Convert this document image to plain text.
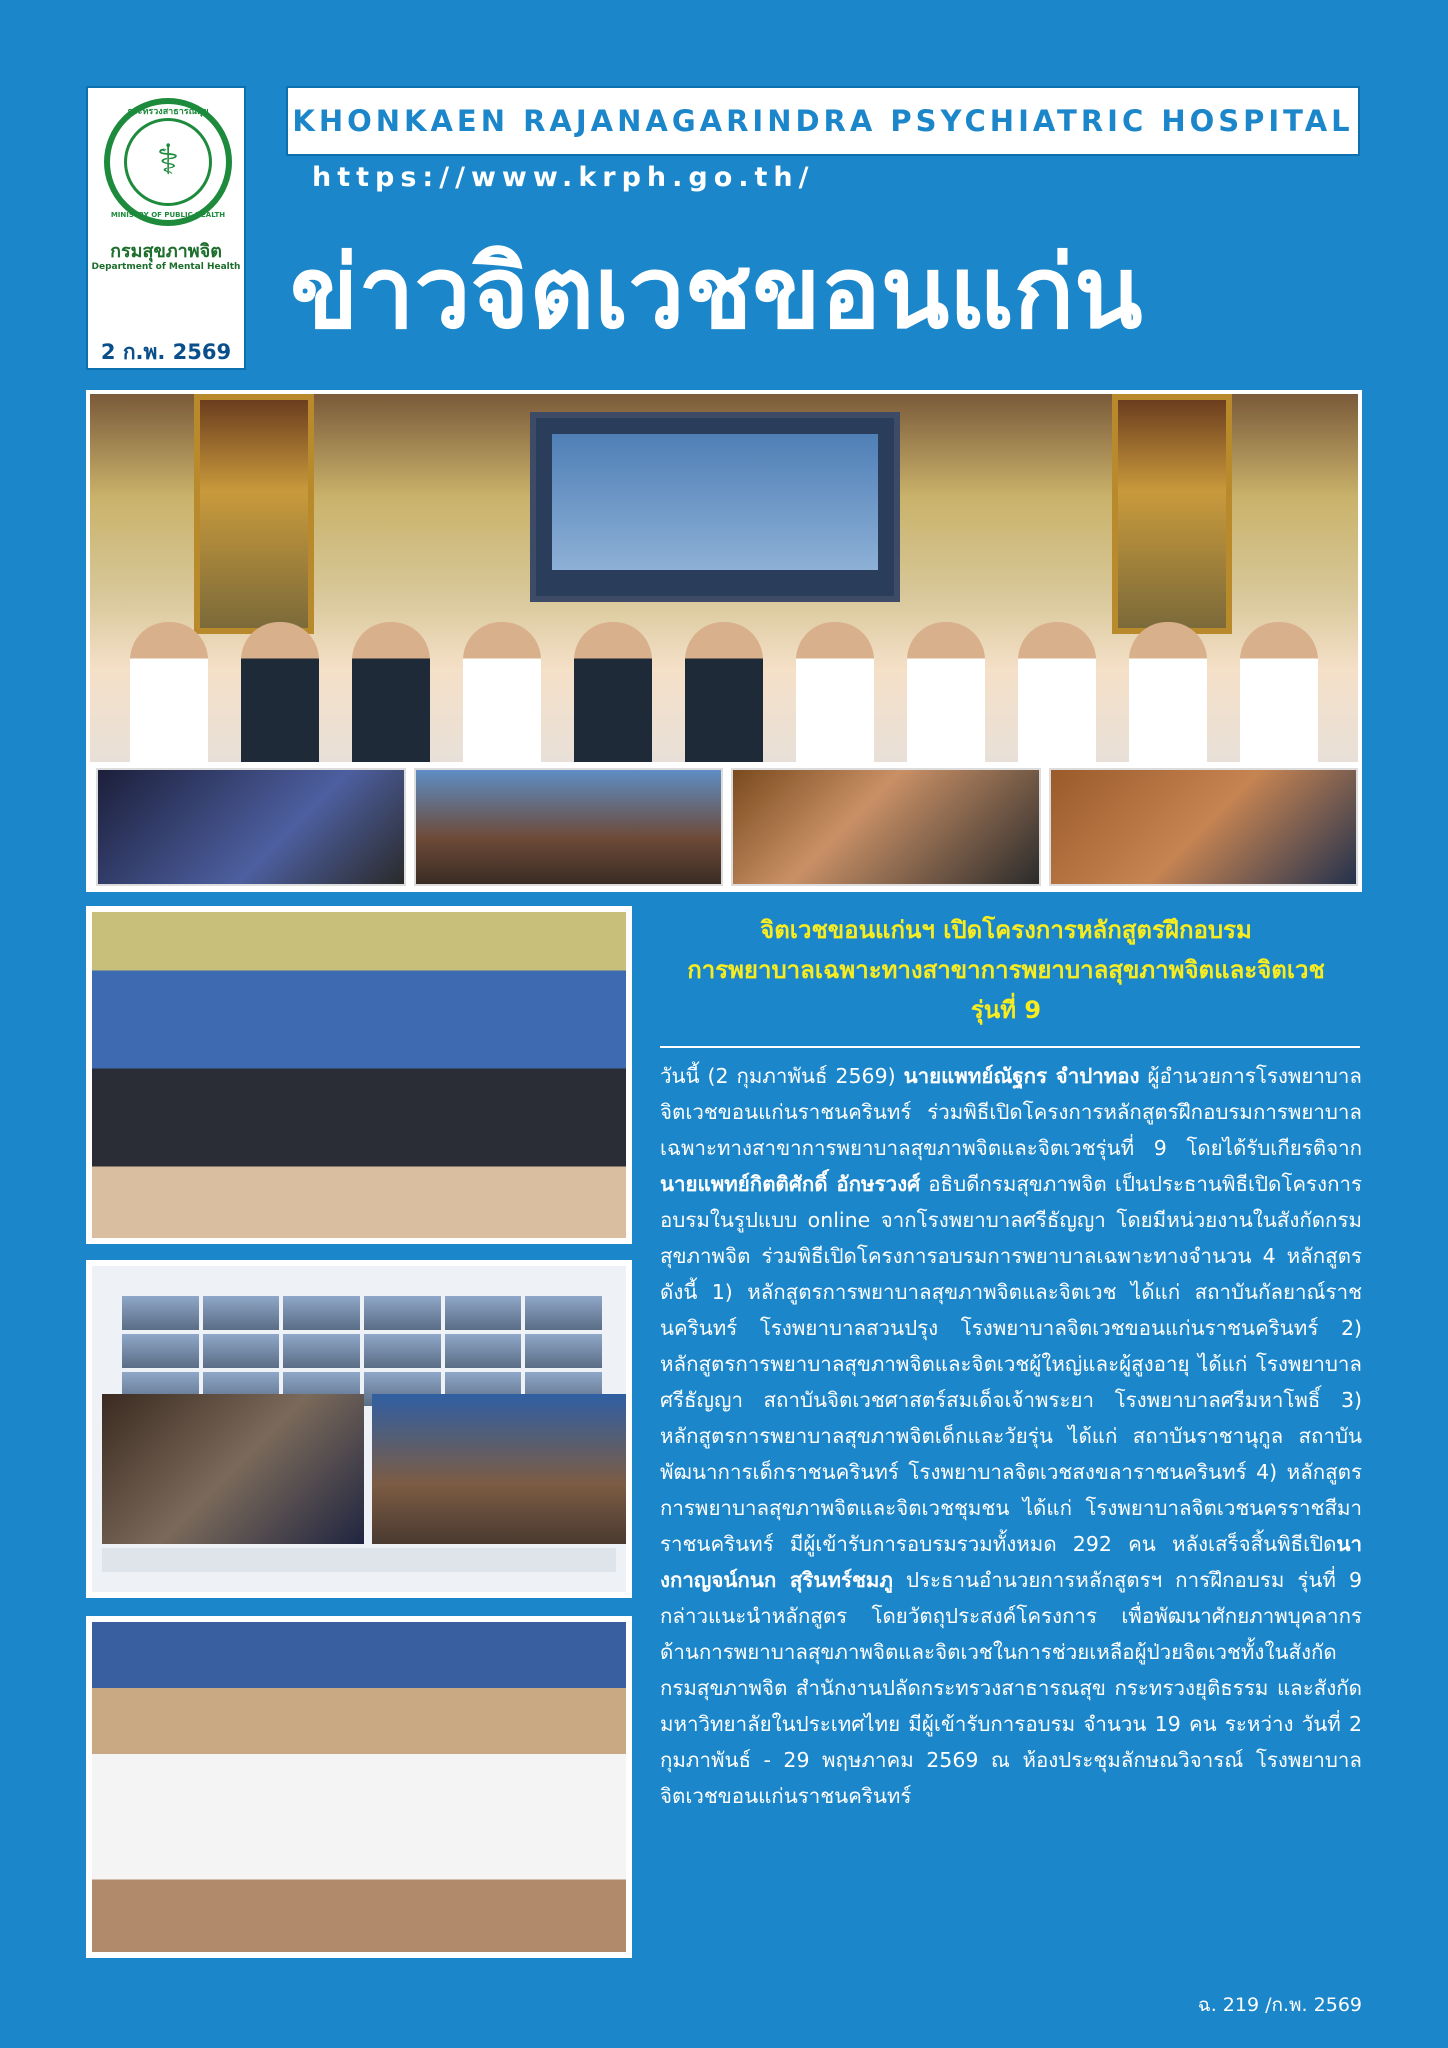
กระทรวงสาธารณสุข
⚕
MINISTRY OF PUBLIC HEALTH
กรมสุขภาพจิต
Department of Mental Health
2 ก.พ. 2569
KHONKAEN RAJANAGARINDRA PSYCHIATRIC HOSPITAL
https://www.krph.go.th/
ข่าวจิตเวชขอนแก่น
จิตเวชขอนแก่นฯ เปิดโครงการหลักสูตรฝึกอบรม
การพยาบาลเฉพาะทางสาขาการพยาบาลสุขภาพจิตและจิตเวช
รุ่นที่ 9
วันนี้ (2 กุมภาพันธ์ 2569) นายแพทย์ณัฐกร จำปาทอง ผู้อำนวยการโรงพยาบาลจิตเวชขอนแก่นราชนครินทร์ ร่วมพิธีเปิดโครงการหลักสูตรฝึกอบรมการพยาบาลเฉพาะทางสาขาการพยาบาลสุขภาพจิตและจิตเวชรุ่นที่ 9 โดยได้รับเกียรติจาก นายแพทย์กิตติศักดิ์ อักษรวงศ์ อธิบดีกรมสุขภาพจิต เป็นประธานพิธีเปิดโครงการอบรมในรูปแบบ online จากโรงพยาบาลศรีธัญญา โดยมีหน่วยงานในสังกัดกรมสุขภาพจิต ร่วมพิธีเปิดโครงการอบรมการพยาบาลเฉพาะทางจำนวน 4 หลักสูตร ดังนี้ 1) หลักสูตรการพยาบาลสุขภาพจิตและจิตเวช ได้แก่ สถาบันกัลยาณ์ราชนครินทร์ โรงพยาบาลสวนปรุง โรงพยาบาลจิตเวชขอนแก่นราชนครินทร์ 2) หลักสูตรการพยาบาลสุขภาพจิตและจิตเวชผู้ใหญ่และผู้สูงอายุ ได้แก่ โรงพยาบาลศรีธัญญา สถาบันจิตเวชศาสตร์สมเด็จเจ้าพระยา โรงพยาบาลศรีมหาโพธิ์ 3) หลักสูตรการพยาบาลสุขภาพจิตเด็กและวัยรุ่น ได้แก่ สถาบันราชานุกูล สถาบันพัฒนาการเด็กราชนครินทร์ โรงพยาบาลจิตเวชสงขลาราชนครินทร์ 4) หลักสูตรการพยาบาลสุขภาพจิตและจิตเวชชุมชน ได้แก่ โรงพยาบาลจิตเวชนครราชสีมาราชนครินทร์ มีผู้เข้ารับการอบรมรวมทั้งหมด 292 คน หลังเสร็จสิ้นพิธีเปิดนางกาญจน์กนก สุรินทร์ชมภู ประธานอำนวยการหลักสูตรฯ การฝึกอบรม รุ่นที่ 9 กล่าวแนะนำหลักสูตร โดยวัตถุประสงค์โครงการ เพื่อพัฒนาศักยภาพบุคลากรด้านการพยาบาลสุขภาพจิตและจิตเวชในการช่วยเหลือผู้ป่วยจิตเวชทั้งในสังกัดกรมสุขภาพจิต สำนักงานปลัดกระทรวงสาธารณสุข กระทรวงยุติธรรม และสังกัดมหาวิทยาลัยในประเทศไทย มีผู้เข้ารับการอบรม จำนวน 19 คน ระหว่าง วันที่ 2 กุมภาพันธ์ - 29 พฤษภาคม 2569 ณ ห้องประชุมลักษณวิจารณ์ โรงพยาบาลจิตเวชขอนแก่นราชนครินทร์
ฉ. 219 /ก.พ. 2569
